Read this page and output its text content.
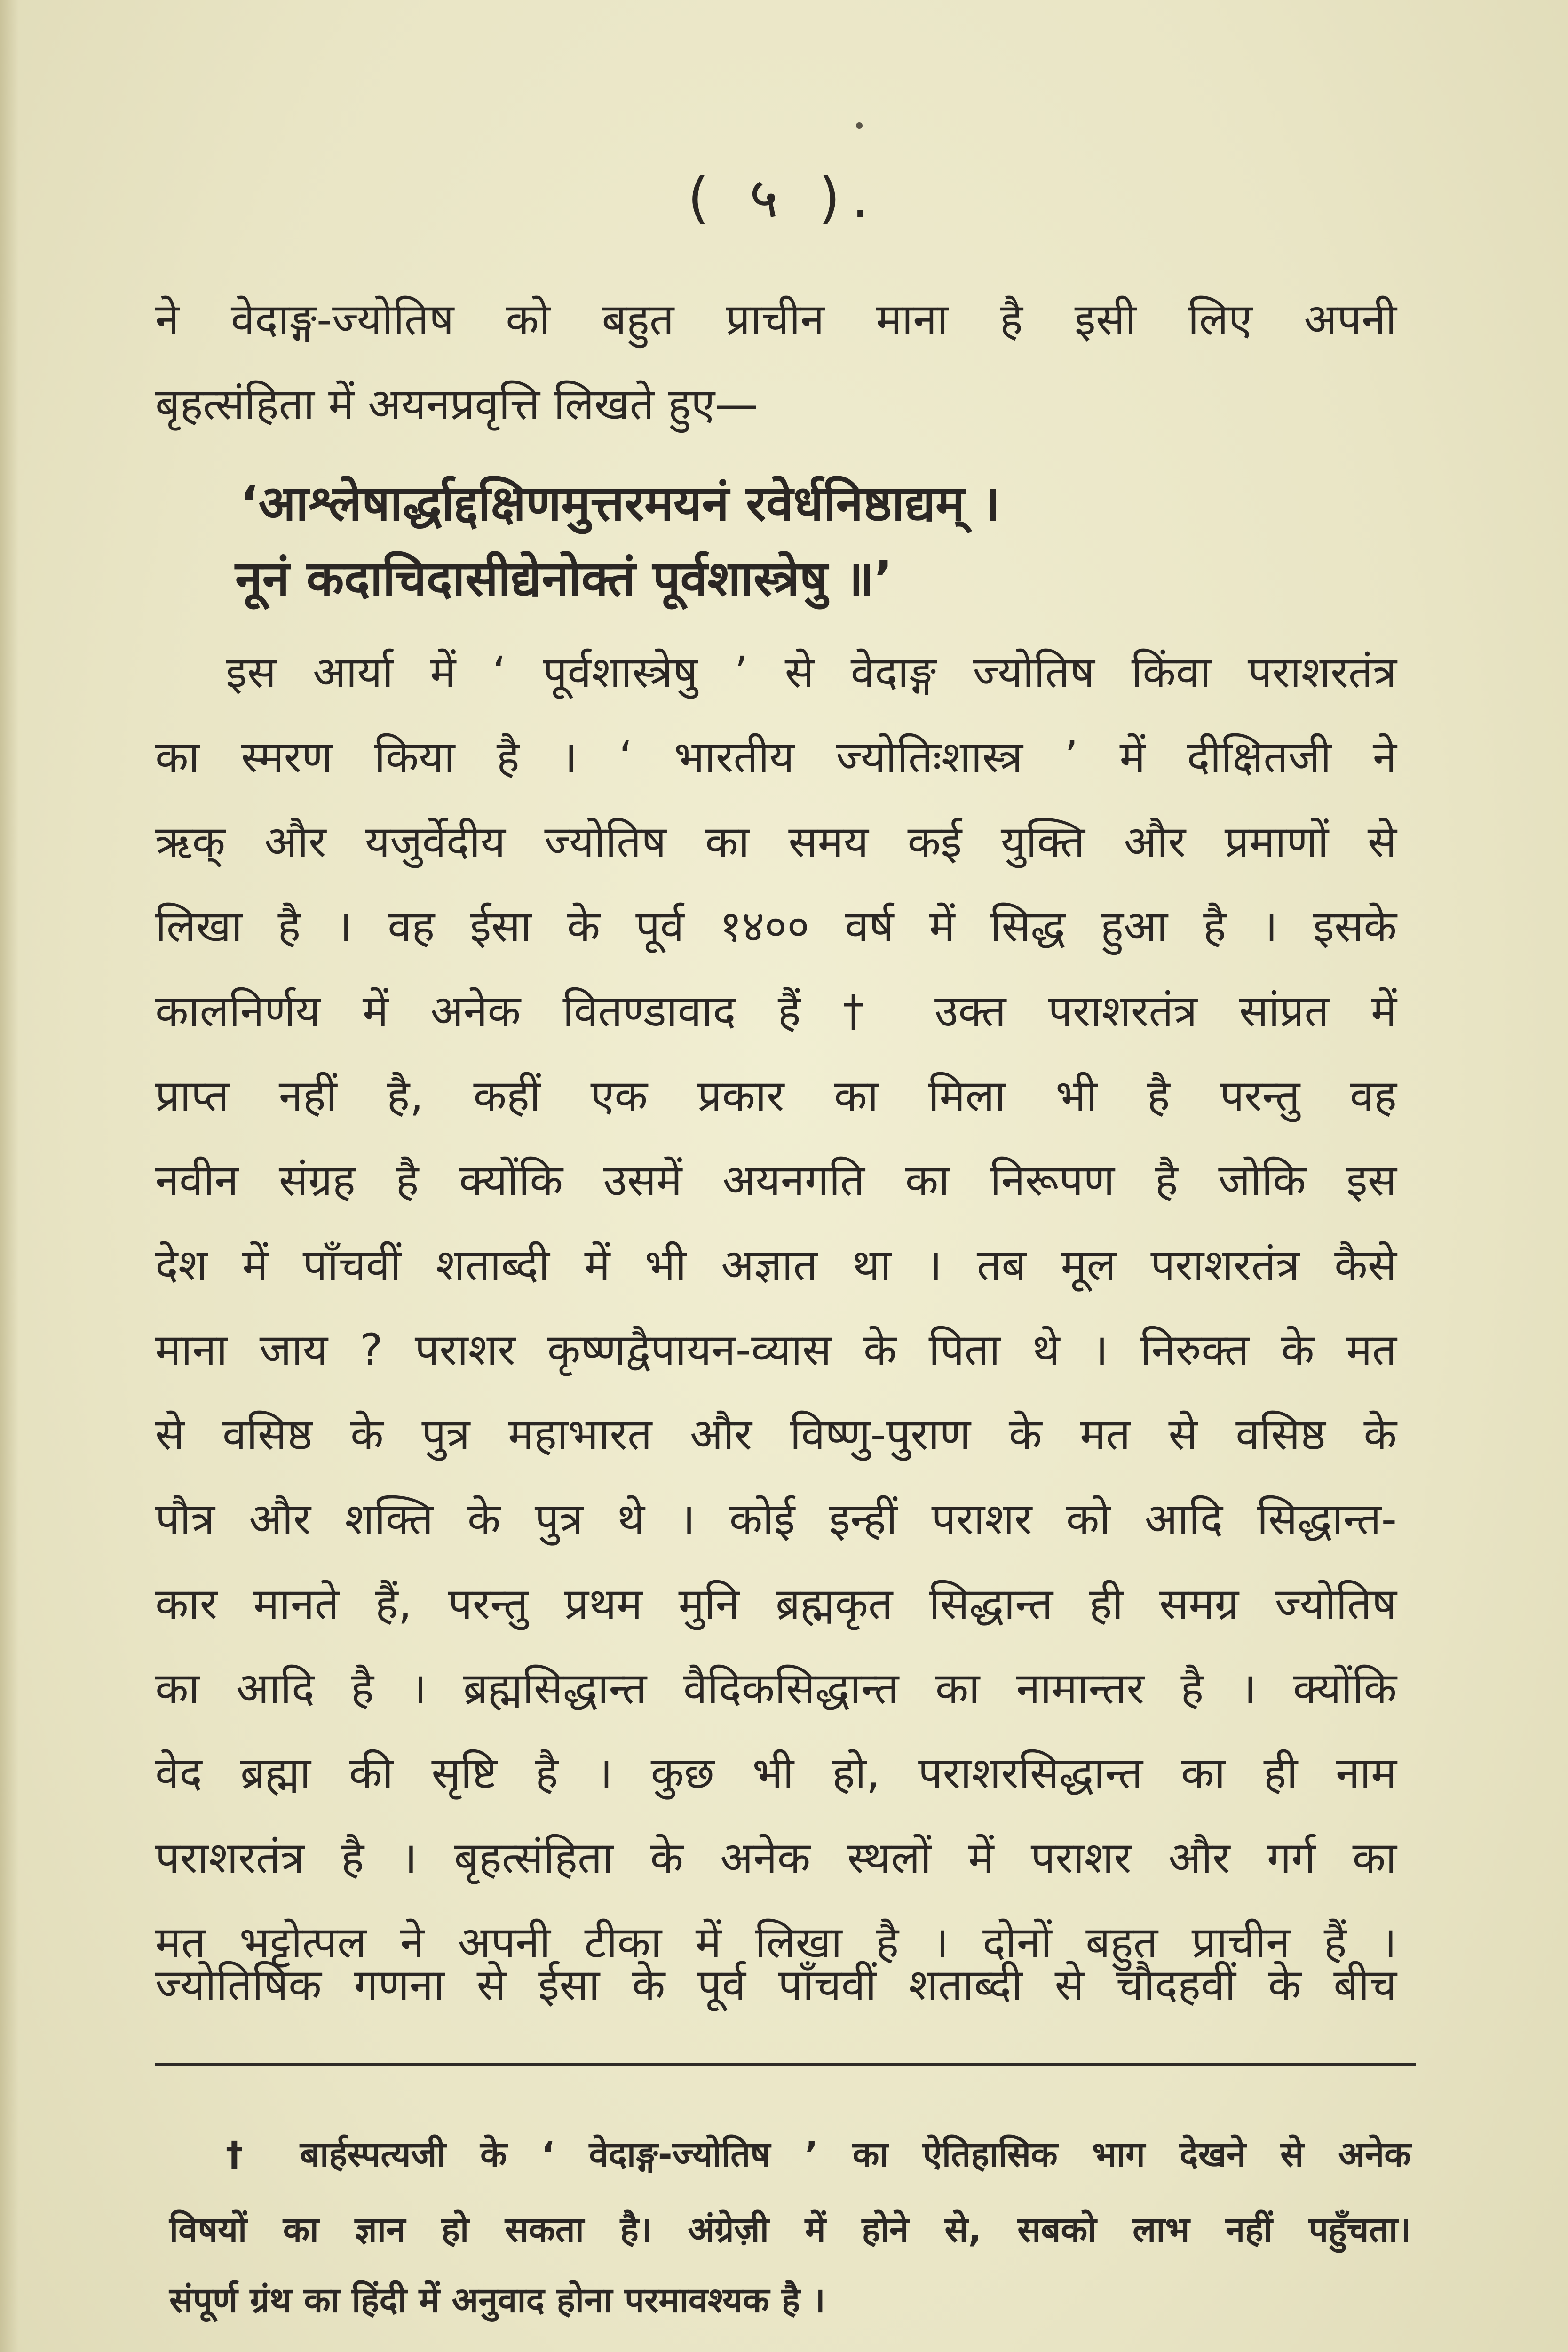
( ५ ).
ने वेदाङ्ग-ज्योतिष को बहुत प्राचीन माना है इसी लिए अपनी
बृहत्संहिता में अयनप्रवृत्ति लिखते हुए—
‘आश्लेषार्द्धाद्दक्षिणमुत्तरमयनं रवेर्धनिष्ठाद्यम् ।
नूनं कदाचिदासीद्येनोक्तं पूर्वशास्त्रेषु ॥’
इस आर्या में ‘ पूर्वशास्त्रेषु ’ से वेदाङ्ग ज्योतिष किंवा पराशरतंत्र
का स्मरण किया है । ‘ भारतीय ज्योतिःशास्त्र ’ में दीक्षितजी ने
ऋक् और यजुर्वेदीय ज्योतिष का समय कई युक्ति और प्रमाणों से
लिखा है । वह ईसा के पूर्व १४०० वर्ष में सिद्ध हुआ है । इसके
कालनिर्णय में अनेक वितण्डावाद हैं † उक्त पराशरतंत्र सांप्रत में
प्राप्त नहीं है, कहीं एक प्रकार का मिला भी है परन्तु वह
नवीन संग्रह है क्योंकि उसमें अयनगति का निरूपण है जोकि इस
देश में पाँचवीं शताब्दी में भी अज्ञात था । तब मूल पराशरतंत्र कैसे
माना जाय ? पराशर कृष्णद्वैपायन-व्यास के पिता थे । निरुक्त के मत
से वसिष्ठ के पुत्र महाभारत और विष्णु-पुराण के मत से वसिष्ठ के
पौत्र और शक्ति के पुत्र थे । कोई इन्हीं पराशर को आदि सिद्धान्त-
कार मानते हैं, परन्तु प्रथम मुनि ब्रह्मकृत सिद्धान्त ही समग्र ज्योतिष
का आदि है । ब्रह्मसिद्धान्त वैदिकसिद्धान्त का नामान्तर है । क्योंकि
वेद ब्रह्मा की सृष्टि है । कुछ भी हो, पराशरसिद्धान्त का ही नाम
पराशरतंत्र है । बृहत्संहिता के अनेक स्थलों में पराशर और गर्ग का
मत भट्टोत्पल ने अपनी टीका में लिखा है । दोनों बहुत प्राचीन हैं ।
ज्योतिषिक गणना से ईसा के पूर्व पाँचवीं शताब्दी से चौदहवीं के बीच
† बार्हस्पत्यजी के ‘ वेदाङ्ग-ज्योतिष ’ का ऐतिहासिक भाग देखने से अनेक
विषयों का ज्ञान हो सकता है। अंग्रेज़ी में होने से, सबको लाभ नहीं पहुँचता।
संपूर्ण ग्रंथ का हिंदी में अनुवाद होना परमावश्यक है ।
